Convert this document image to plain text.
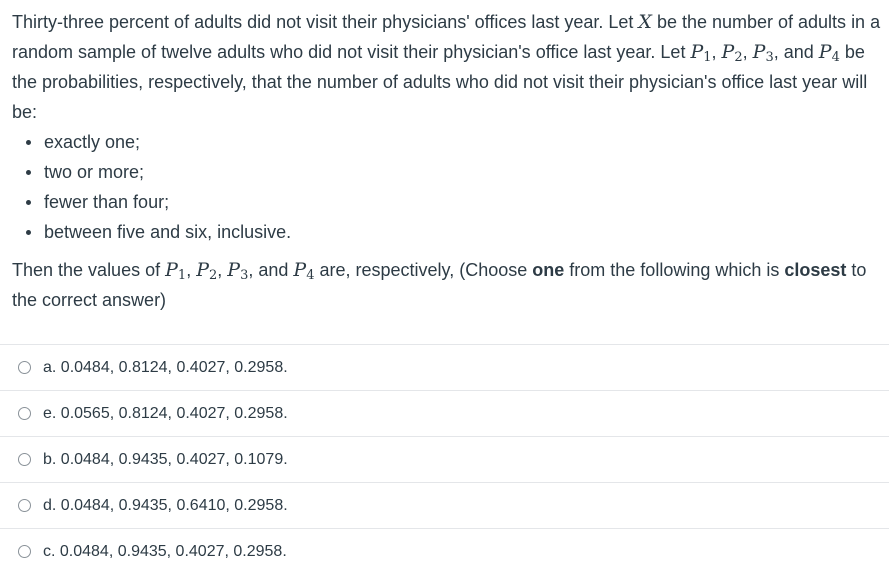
Thirty-three percent of adults did not visit their physicians' offices last year. Let X be the number of adults in a random sample of twelve adults who did not visit their physician's office last year. Let $P_1$, $P_2$, $P_3$, and $P_4$ be the probabilities, respectively, that the number of adults who did not visit their physician's office last year will be:

exactly one;
two or more;
fewer than four;
between five and six, inclusive.

Then the values of $P_1$, $P_2$, $P_3$, and $P_4$ are, respectively, (Choose one from the following which is closest to the correct answer)

a. 0.0484, 0.8124, 0.4027, 0.2958.
e. 0.0565, 0.8124, 0.4027, 0.2958.
b. 0.0484, 0.9435, 0.4027, 0.1079.
d. 0.0484, 0.9435, 0.6410, 0.2958.
c. 0.0484, 0.9435, 0.4027, 0.2958.
